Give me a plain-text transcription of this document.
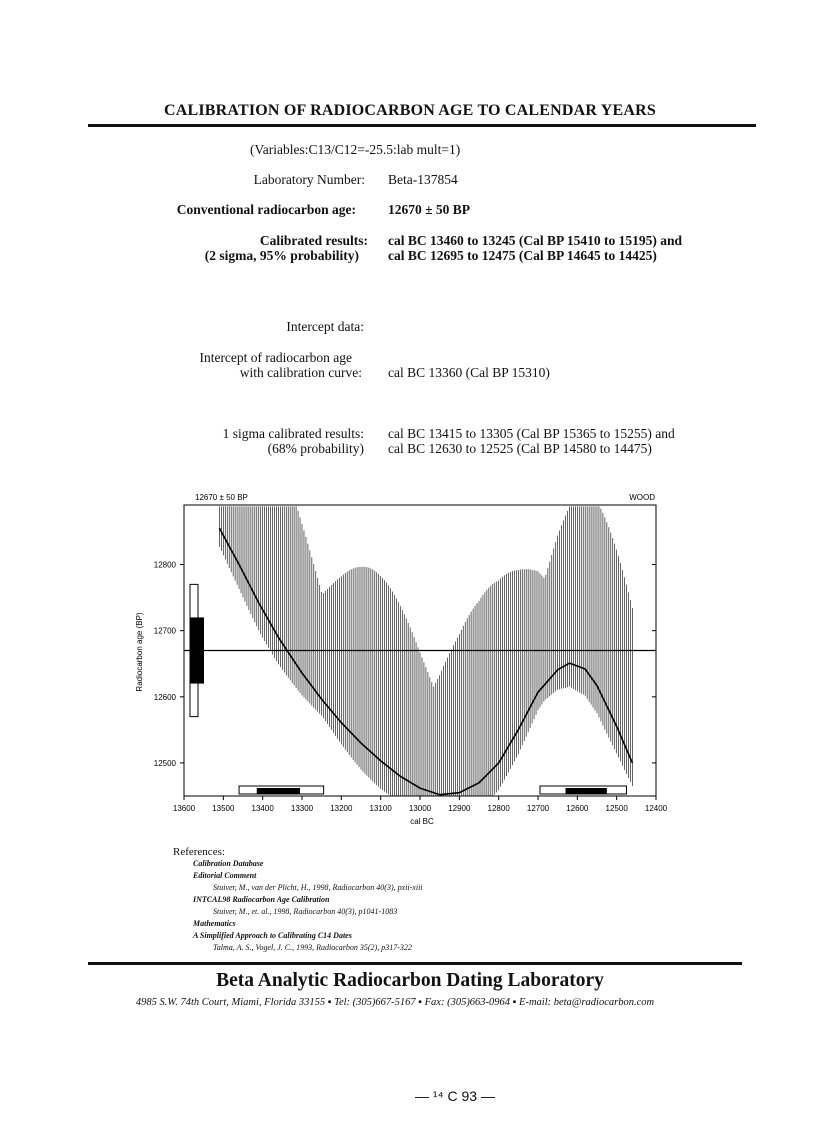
CALIBRATION OF RADIOCARBON AGE TO CALENDAR YEARS
(Variables:C13/C12=-25.5:lab mult=1)
Laboratory Number: Beta-137854
Conventional radiocarbon age: 12670 ± 50 BP
Calibrated results:
(2 sigma, 95% probability)
cal BC 13460 to 13245 (Cal BP 15410 to 15195) and
cal BC 12695 to 12475 (Cal BP 14645 to 14425)
Intercept data:
Intercept of radiocarbon age
with calibration curve: cal BC 13360 (Cal BP 15310)
1 sigma calibrated results:
(68% probability)
cal BC 13415 to 13305 (Cal BP 15365 to 15255) and
cal BC 12630 to 12525 (Cal BP 14580 to 14475)
13600 13500 13400 13300 13200 13100 13000 12900 12800 12700 12600 12500 12400
12800
12700
12600
12500
12670 ± 50 BP	WOOD
cal BC
Radiocarbon age (BP)
References:
Calibration Database
Editorial Comment
Stuiver, M., van der Plicht, H., 1998, Radiocarbon 40(3), pxii-xiii
INTCAL98 Radiocarbon Age Calibration
Stuiver, M., et. al., 1998, Radiocarbon 40(3), p1041-1083
Mathematics
A Simplified Approach to Calibrating C14 Dates
Talma, A. S., Vogel, J. C., 1993, Radiocarbon 35(2), p317-322
Beta Analytic Radiocarbon Dating Laboratory
4985 S.W. 74th Court, Miami, Florida 33155 ▪ Tel: (305)667-5167 ▪ Fax: (305)663-0964 ▪ E-mail: beta@radiocarbon.com
— ¹⁴ C 93 —
